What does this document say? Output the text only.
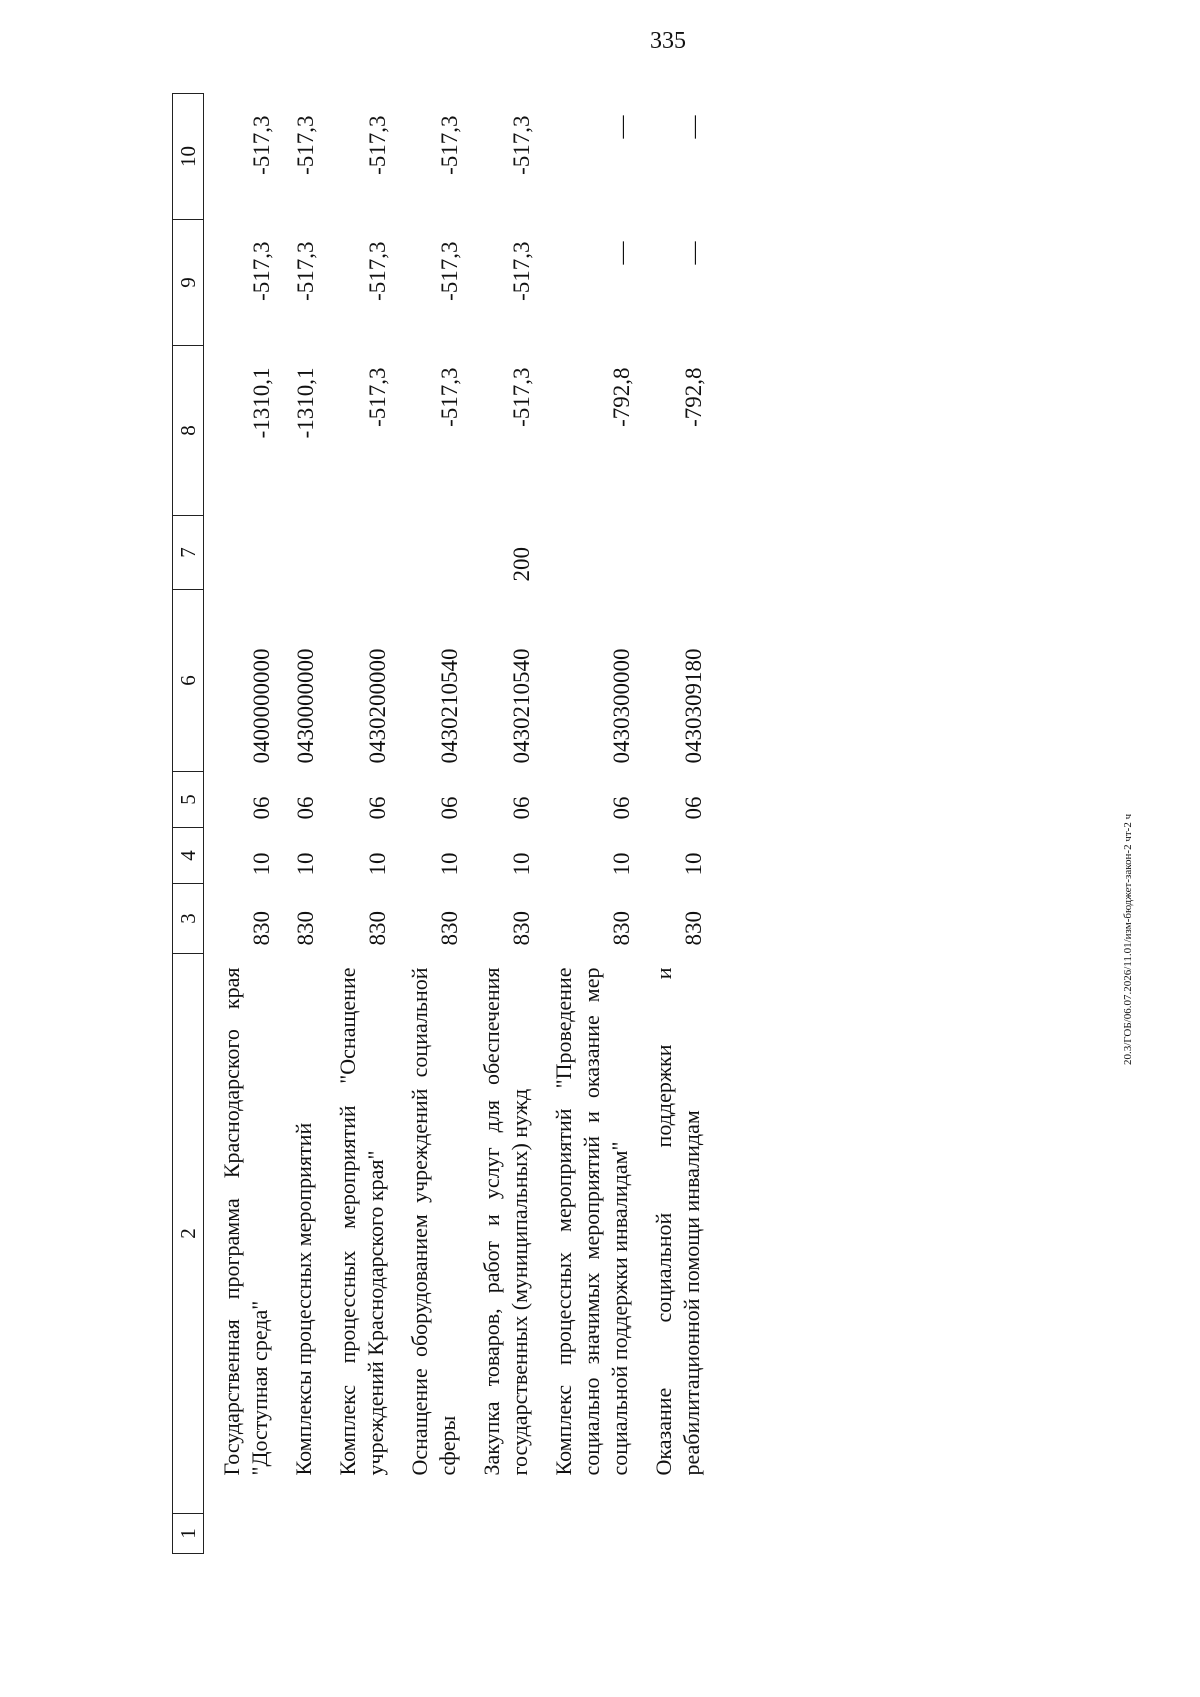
335
20.3/ГОБ/06.07.2026/11.01/изм-бюджет-закон-2 чт-2 ч
1	2	3	4	5	6	7	8	9	10
	Государственная программа Краснодарского края "Доступная среда"	830	10	06	0400000000		-1310,1	-517,3	-517,3
	Комплексы процессных мероприятий	830	10	06	0430000000		-1310,1	-517,3	-517,3
	Комплекс процессных мероприятий "Оснащение учреждений Краснодарского края"	830	10	06	0430200000		-517,3	-517,3	-517,3
	Оснащение оборудованием учреждений социальной сферы	830	10	06	0430210540		-517,3	-517,3	-517,3
	Закупка товаров, работ и услуг для обеспечения государственных (муниципальных) нужд	830	10	06	0430210540	200	-517,3	-517,3	-517,3
	Комплекс процессных мероприятий "Проведение социально значимых мероприятий и оказание мер социальной поддержки инвалидам"	830	10	06	0430300000		-792,8	—	—
	Оказание социальной поддержки и реабилитационной помощи инвалидам	830	10	06	0430309180		-792,8	—	—
